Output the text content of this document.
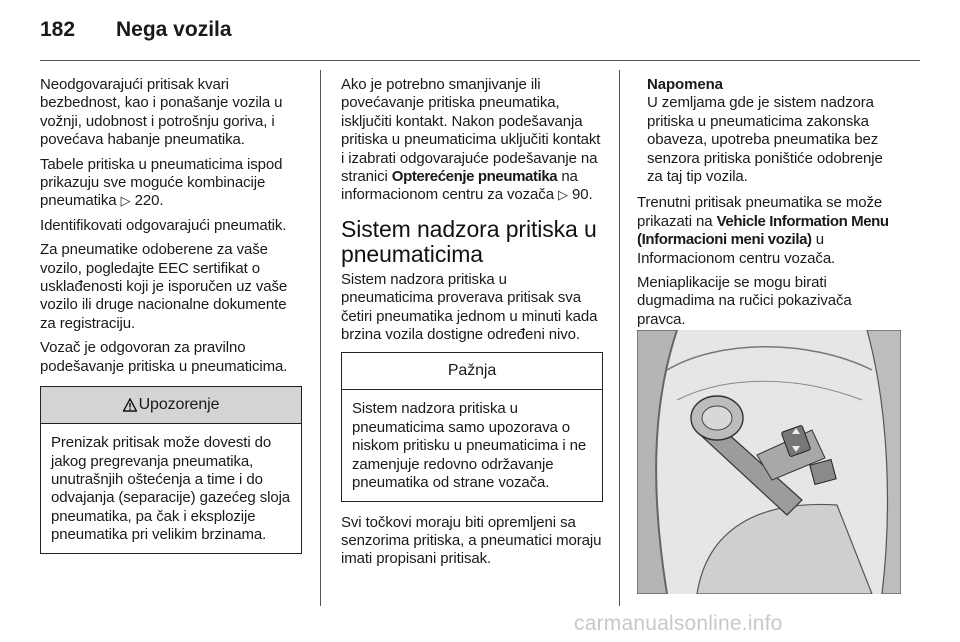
182	Nega vozila

Neodgovarajući pritisak kvari bezbednost, kao i ponašanje vozila u vožnji, udobnost i potrošnju goriva, i povećava habanje pneumatika.

Tabele pritiska u pneumaticima ispod prikazuju sve moguće kombinacije pneumatika ▷ 220.

Identifikovati odgovarajući pneumatik.

Za pneumatike odoberene za vaše vozilo, pogledajte EEC sertifikat o usklađenosti koji je isporučen uz vaše vozilo ili druge nacionalne dokumente za registraciju.

Vozač je odgovoran za pravilno podešavanje pritiska u pneumaticima.

Upozorenje
Prenizak pritisak može dovesti do jakog pregrevanja pneumatika, unutrašnjih oštećenja a time i do odvajanja (separacije) gazećeg sloja pneumatika, pa čak i eksplozije pneumatika pri velikim brzinama.

Ako je potrebno smanjivanje ili povećavanje pritiska pneumatika, isključiti kontakt. Nakon podešavanja pritiska u pneumaticima uključiti kontakt i izabrati odgovarajuće podešavanje na stranici Opterećenje pneumatika na informacionom centru za vozača ▷ 90.

Sistem nadzora pritiska u pneumaticima

Sistem nadzora pritiska u pneumaticima proverava pritisak sva četiri pneumatika jednom u minuti kada brzina vozila dostigne određeni nivo.

Pažnja
Sistem nadzora pritiska u pneumaticima samo upozorava o niskom pritisku u pneumaticima i ne zamenjuje redovno održavanje pneumatika od strane vozača.

Svi točkovi moraju biti opremljeni sa senzorima pritiska, a pneumatici moraju imati propisani pritisak.

Napomena
U zemljama gde je sistem nadzora pritiska u pneumaticima zakonska obaveza, upotreba pneumatika bez senzora pritiska poništiće odobrenje za taj tip vozila.

Trenutni pritisak pneumatika se može prikazati na Vehicle Information Menu (Informacioni meni vozila) u Informacionom centru vozača.

Meniaplikacije se mogu birati dugmadima na ručici pokazivača pravca.

carmanualsonline.info
